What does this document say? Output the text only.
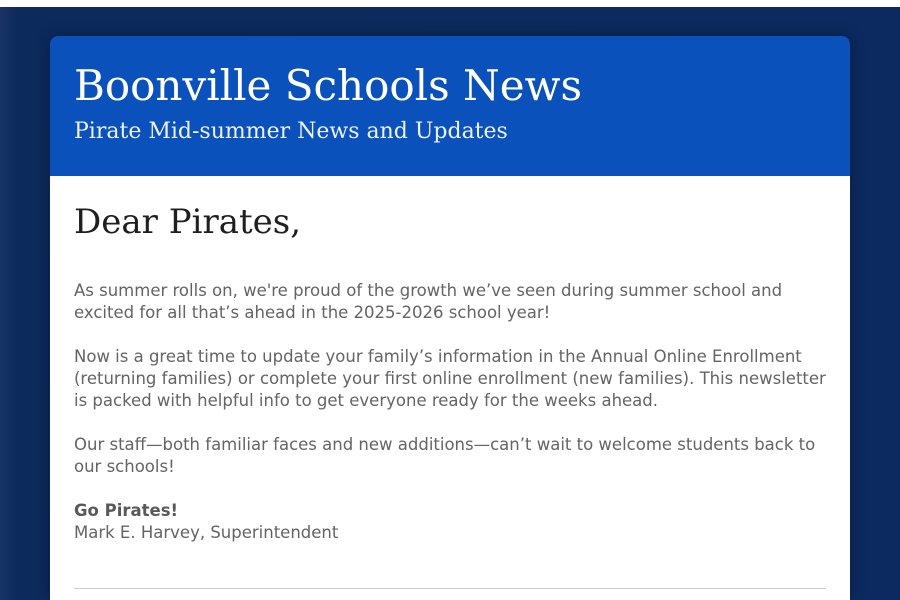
Boonville Schools News

Pirate Mid-summer News and Updates

Dear Pirates,

As summer rolls on, we're proud of the growth we’ve seen during summer school and excited for all that’s ahead in the 2025-2026 school year!

Now is a great time to update your family’s information in the Annual Online Enrollment (returning families) or complete your first online enrollment (new families). This newsletter is packed with helpful info to get everyone ready for the weeks ahead.

Our staff—both familiar faces and new additions—can’t wait to welcome students back to our schools!

Go Pirates!
Mark E. Harvey, Superintendent
